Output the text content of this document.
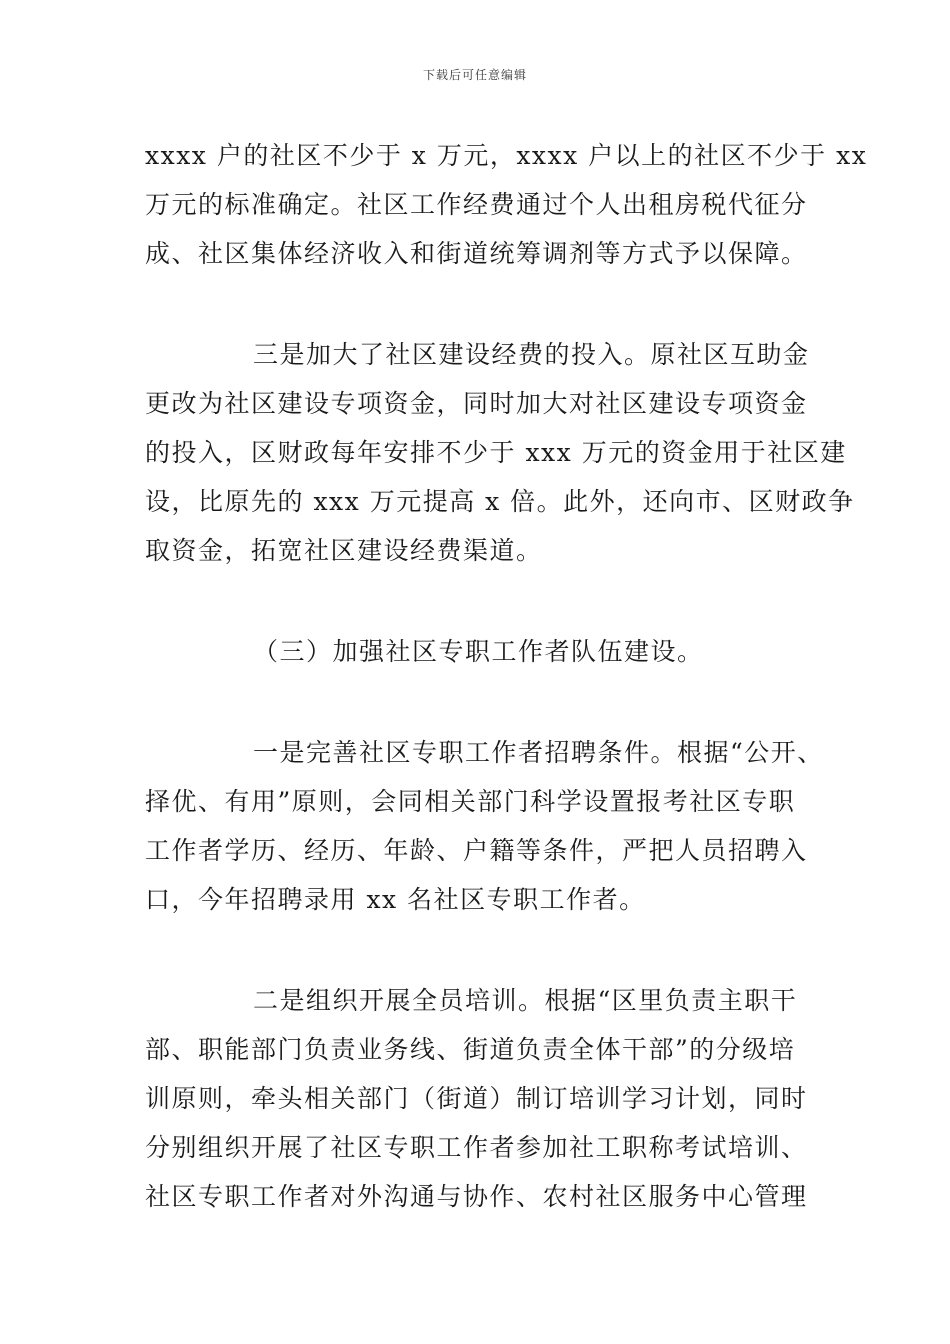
下载后可任意编辑
xxxx 户的社区不少于 x 万元，xxxx 户以上的社区不少于 xx
万元的标准确定。社区工作经费通过个人出租房税代征分
成、社区集体经济收入和街道统筹调剂等方式予以保障。
三是加大了社区建设经费的投入。原社区互助金
更改为社区建设专项资金，同时加大对社区建设专项资金
的投入，区财政每年安排不少于 xxx 万元的资金用于社区建
设，比原先的 xxx 万元提高 x 倍。此外，还向市、区财政争
取资金，拓宽社区建设经费渠道。
（三）加强社区专职工作者队伍建设。
一是完善社区专职工作者招聘条件。根据“公开、
择优、有用”原则，会同相关部门科学设置报考社区专职
工作者学历、经历、年龄、户籍等条件，严把人员招聘入
口，今年招聘录用 xx 名社区专职工作者。
二是组织开展全员培训。根据“区里负责主职干
部、职能部门负责业务线、街道负责全体干部”的分级培
训原则，牵头相关部门（街道）制订培训学习计划，同时
分别组织开展了社区专职工作者参加社工职称考试培训、
社区专职工作者对外沟通与协作、农村社区服务中心管理
